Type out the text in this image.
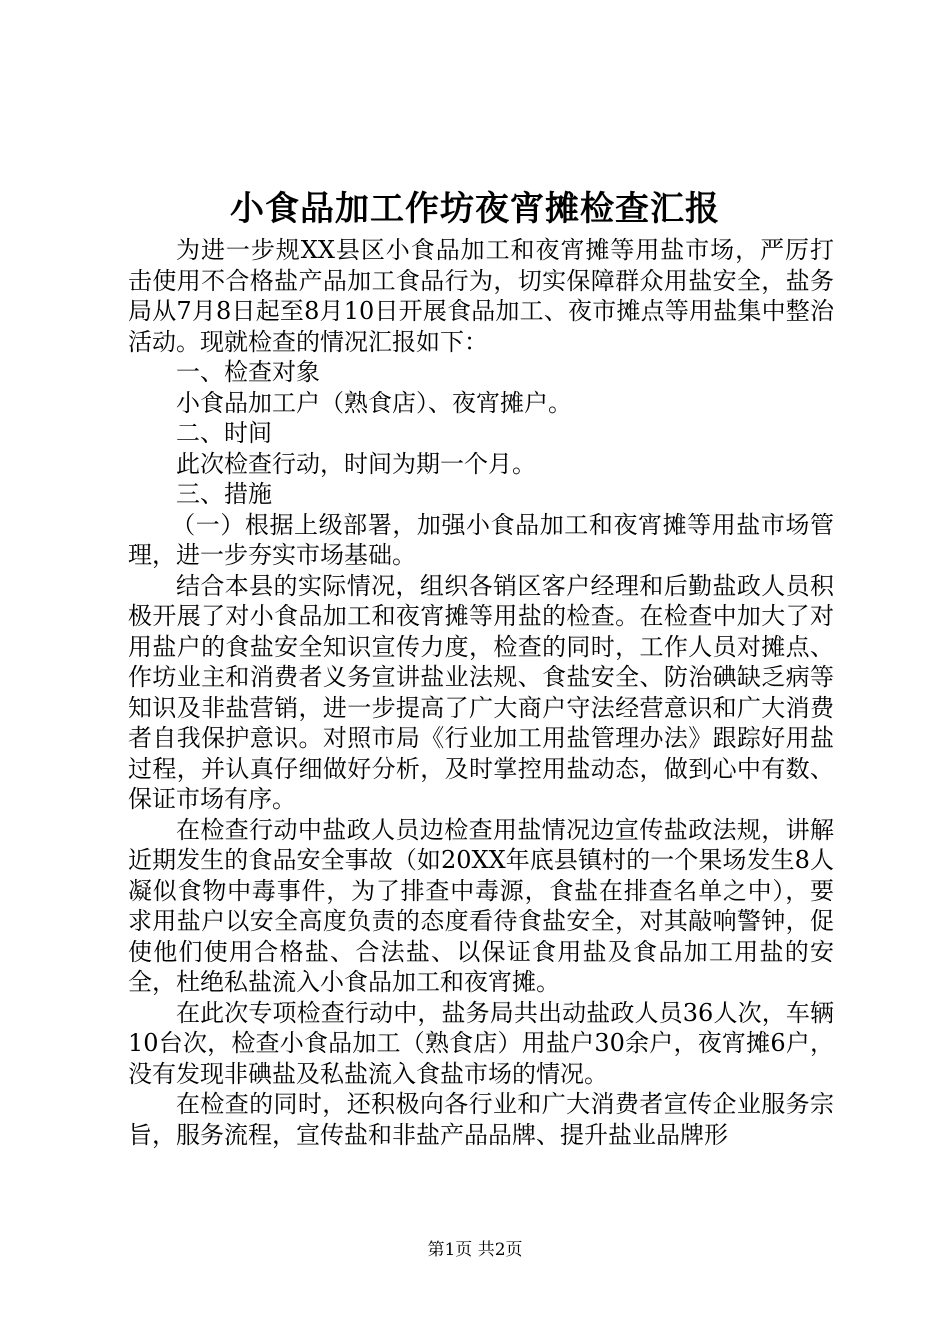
小食品加工作坊夜宵摊检查汇报

为进一步规XX县区小食品加工和夜宵摊等用盐市场，严厉打击使用不合格盐产品加工食品行为，切实保障群众用盐安全，盐务局从7月8日起至8月10日开展食品加工、夜市摊点等用盐集中整治活动。现就检查的情况汇报如下：

一、检查对象

小食品加工户（熟食店）、夜宵摊户。

二、时间

此次检查行动，时间为期一个月。

三、措施

（一）根据上级部署，加强小食品加工和夜宵摊等用盐市场管理，进一步夯实市场基础。

结合本县的实际情况，组织各销区客户经理和后勤盐政人员积极开展了对小食品加工和夜宵摊等用盐的检查。在检查中加大了对用盐户的食盐安全知识宣传力度，检查的同时，工作人员对摊点、作坊业主和消费者义务宣讲盐业法规、食盐安全、防治碘缺乏病等知识及非盐营销，进一步提高了广大商户守法经营意识和广大消费者自我保护意识。对照市局《行业加工用盐管理办法》跟踪好用盐过程，并认真仔细做好分析，及时掌控用盐动态，做到心中有数、保证市场有序。

在检查行动中盐政人员边检查用盐情况边宣传盐政法规，讲解近期发生的食品安全事故（如20XX年底县镇村的一个果场发生8人凝似食物中毒事件，为了排查中毒源，食盐在排查名单之中），要求用盐户以安全高度负责的态度看待食盐安全，对其敲响警钟，促使他们使用合格盐、合法盐、以保证食用盐及食品加工用盐的安全，杜绝私盐流入小食品加工和夜宵摊。

在此次专项检查行动中，盐务局共出动盐政人员36人次，车辆10台次，检查小食品加工（熟食店）用盐户30余户，夜宵摊6户，没有发现非碘盐及私盐流入食盐市场的情况。

在检查的同时，还积极向各行业和广大消费者宣传企业服务宗旨，服务流程，宣传盐和非盐产品品牌、提升盐业品牌形

第1页 共2页
